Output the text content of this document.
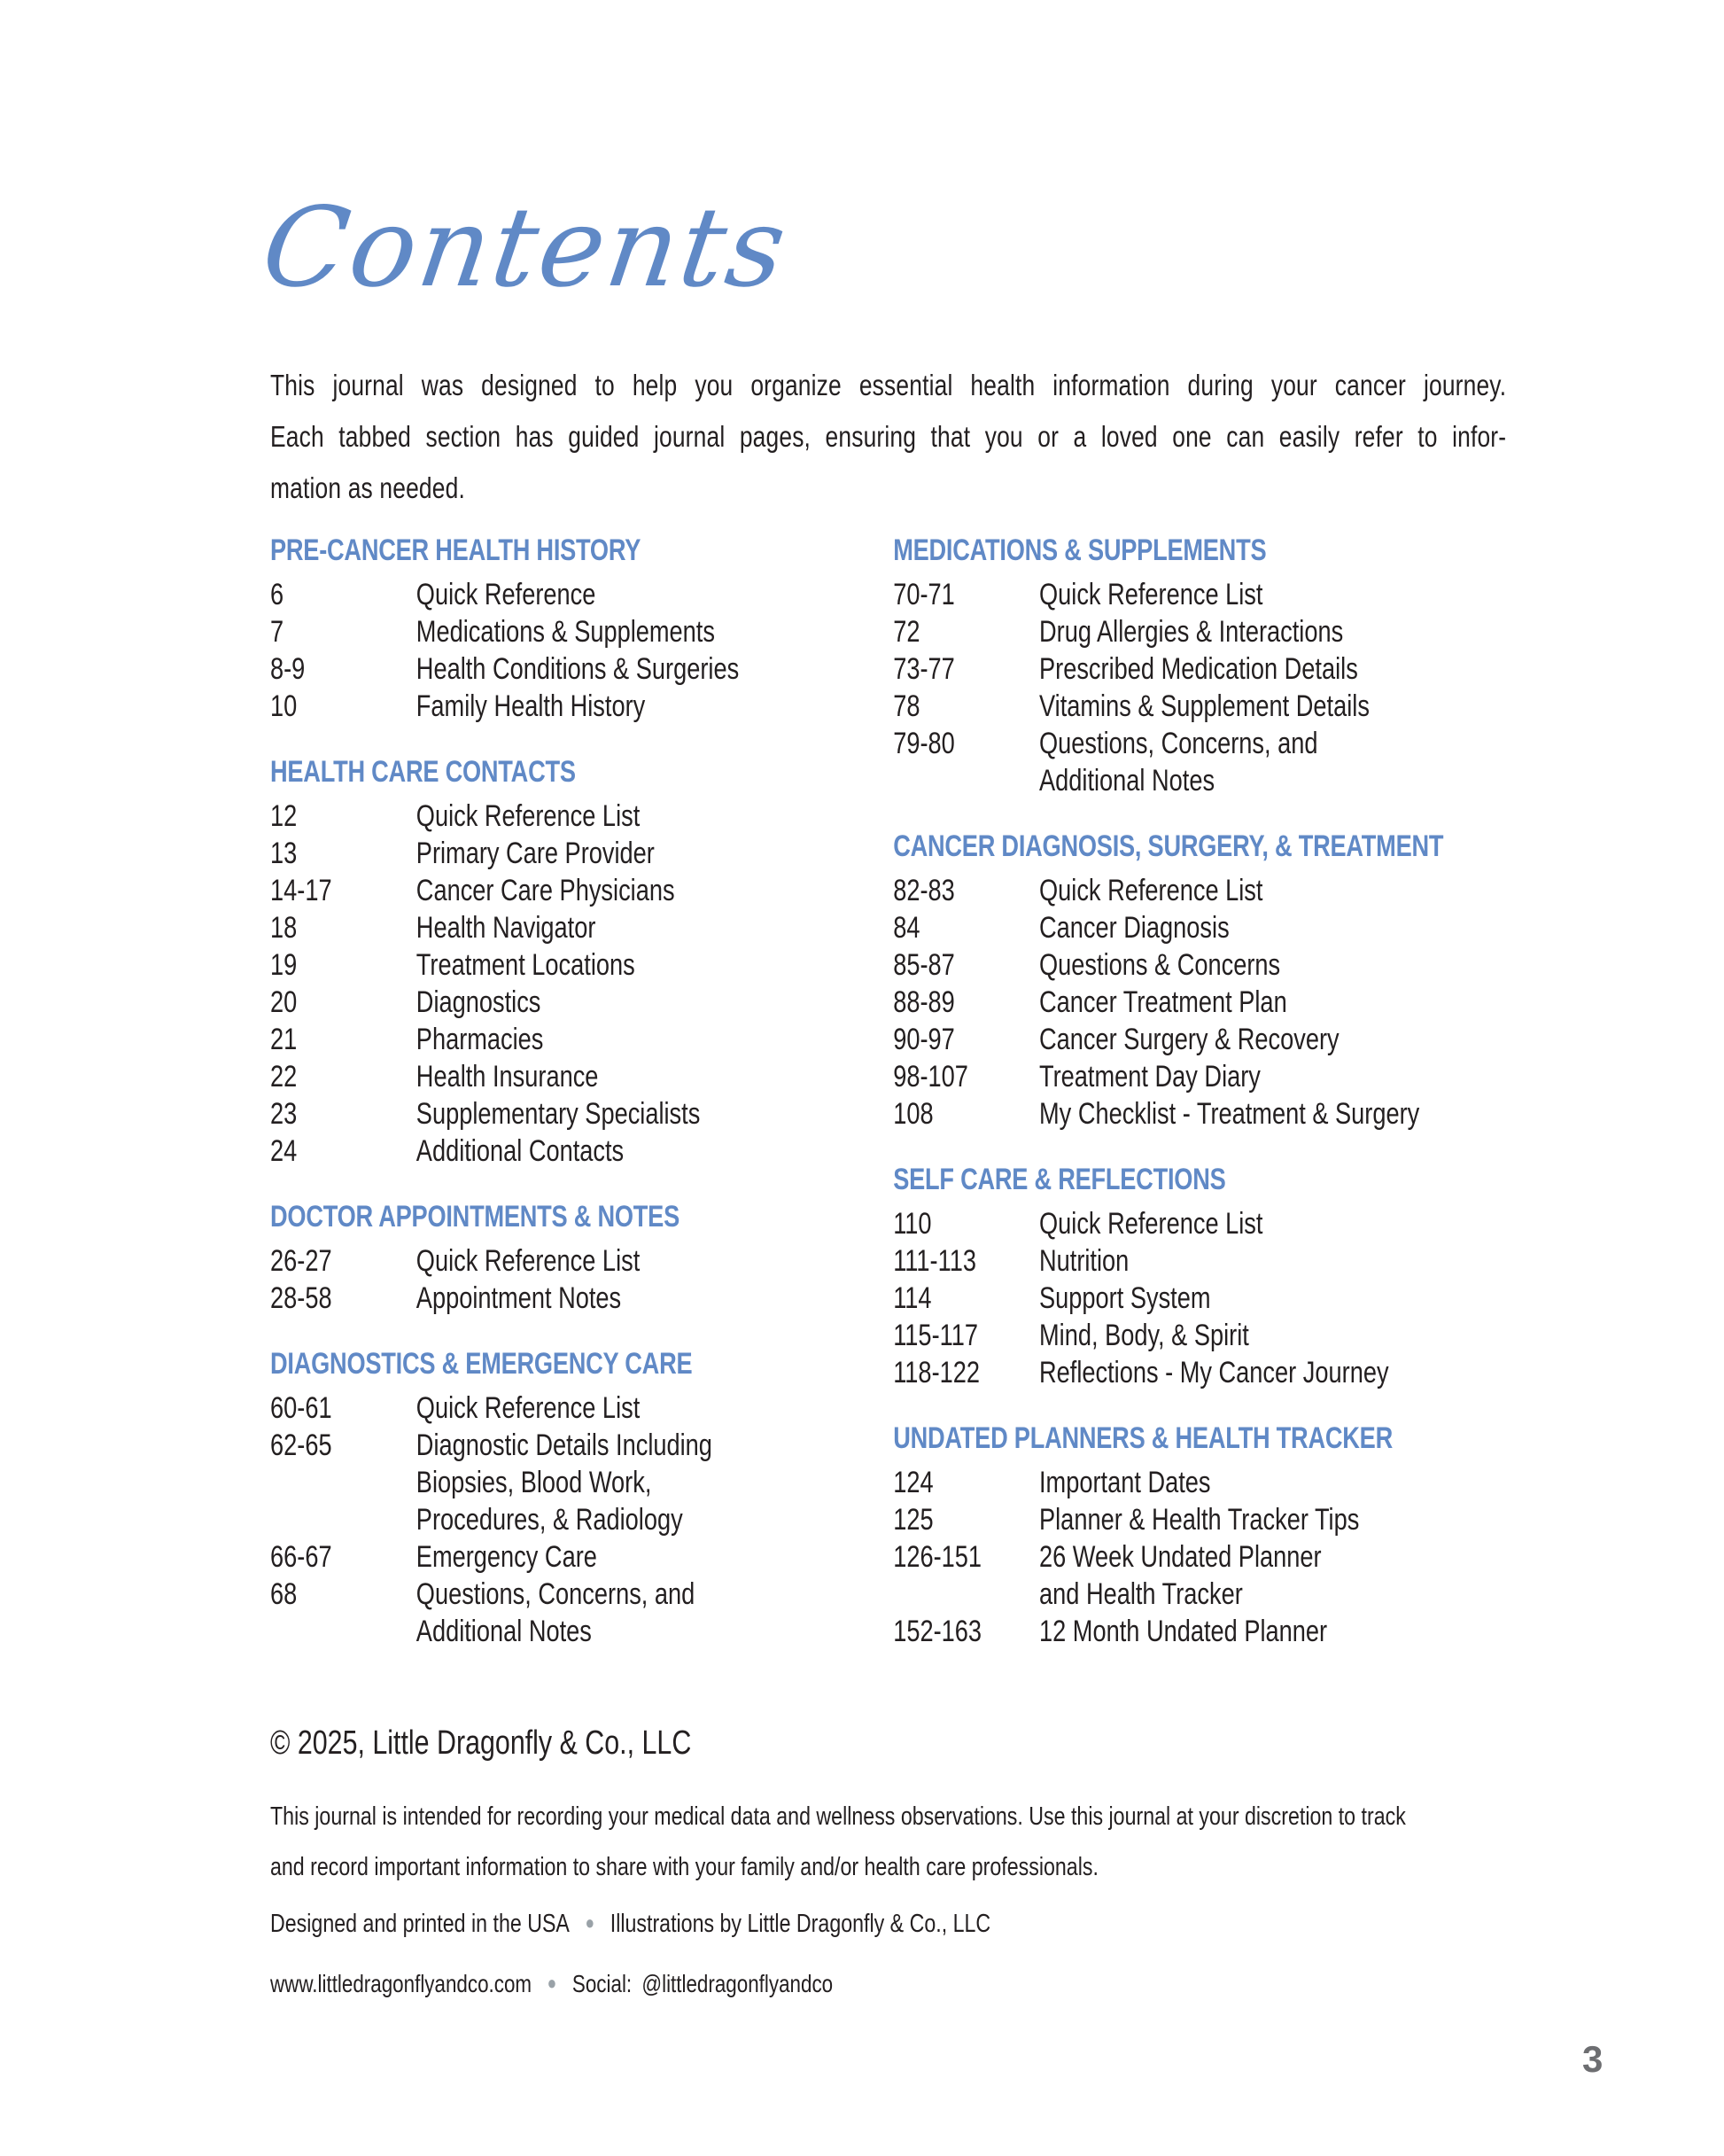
Contents
This journal was designed to help you organize essential health information during your cancer journey.
Each tabbed section has guided journal pages, ensuring that you or a loved one can easily refer to infor-
mation as needed.
PRE-CANCER HEALTH HISTORY
6	Quick Reference
7	Medications & Supplements
8-9	Health Conditions & Surgeries
10	Family Health History
HEALTH CARE CONTACTS
12	Quick Reference List
13	Primary Care Provider
14-17	Cancer Care Physicians
18	Health Navigator
19	Treatment Locations
20	Diagnostics
21	Pharmacies
22	Health Insurance
23	Supplementary Specialists
24	Additional Contacts
DOCTOR APPOINTMENTS & NOTES
26-27	Quick Reference List
28-58	Appointment Notes
DIAGNOSTICS & EMERGENCY CARE
60-61	Quick Reference List
62-65	Diagnostic Details Including
Biopsies, Blood Work,
Procedures, & Radiology
66-67	Emergency Care
68	Questions, Concerns, and
Additional Notes
MEDICATIONS & SUPPLEMENTS
70-71	Quick Reference List
72	Drug Allergies & Interactions
73-77	Prescribed Medication Details
78	Vitamins & Supplement Details
79-80	Questions, Concerns, and
Additional Notes
CANCER DIAGNOSIS, SURGERY, & TREATMENT
82-83	Quick Reference List
84	Cancer Diagnosis
85-87	Questions & Concerns
88-89	Cancer Treatment Plan
90-97	Cancer Surgery & Recovery
98-107	Treatment Day Diary
108	My Checklist - Treatment & Surgery
SELF CARE & REFLECTIONS
110	Quick Reference List
111-113	Nutrition
114	Support System
115-117	Mind, Body, & Spirit
118-122	Reflections - My Cancer Journey
UNDATED PLANNERS & HEALTH TRACKER
124	Important Dates
125	Planner & Health Tracker Tips
126-151	26 Week Undated Planner
and Health Tracker
152-163	12 Month Undated Planner
© 2025, Little Dragonfly & Co., LLC
This journal is intended for recording your medical data and wellness observations. Use this journal at your discretion to track
and record important information to share with your family and/or health care professionals.
Designed and printed in the USA ● Illustrations by Little Dragonfly & Co., LLC
www.littledragonflyandco.com ● Social: @littledragonflyandco
3
